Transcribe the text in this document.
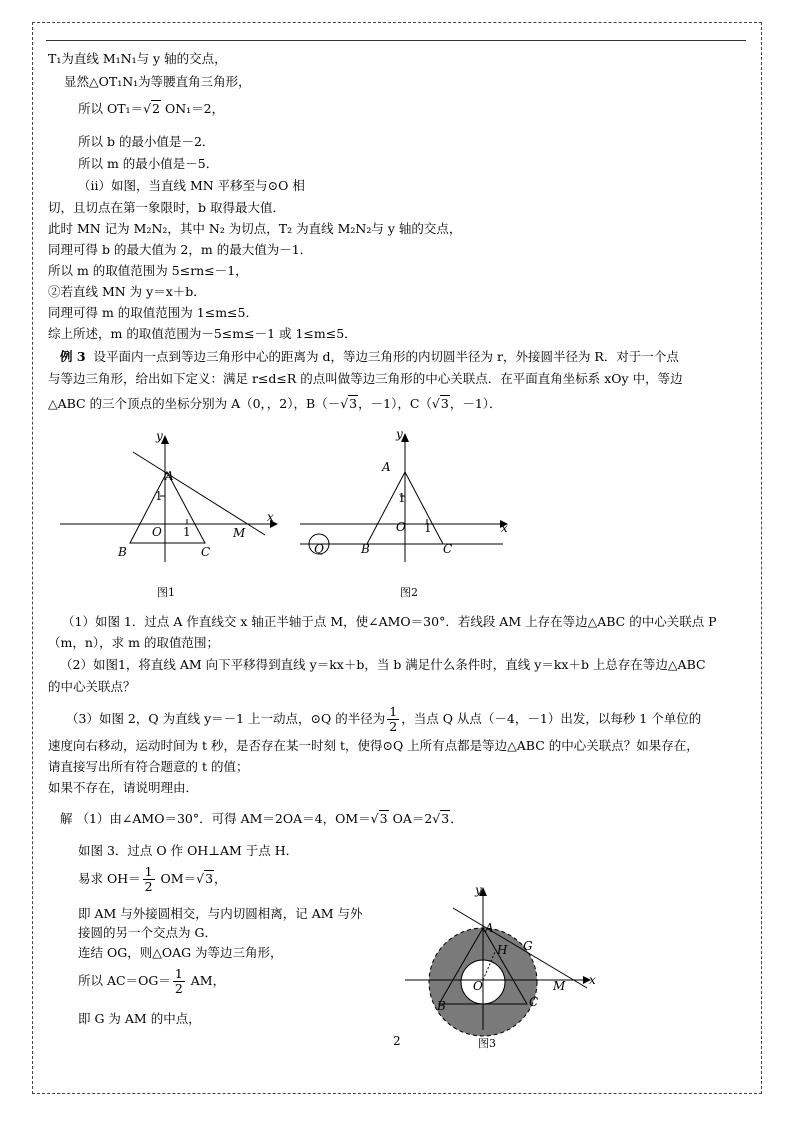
T₁为直线 M₁N₁与 y 轴的交点，
显然△OT₁N₁为等腰直角三角形，
所以 OT₁＝√2 ON₁＝2，
所以 b 的最小值是－2．
所以 m 的最小值是－5．
（ii）如图，当直线 MN 平移至与⊙O 相
切，且切点在第一象限时，b 取得最大值．
此时 MN 记为 M₂N₂，其中 N₂ 为切点，T₂ 为直线 M₂N₂与 y 轴的交点，
同理可得 b 的最大值为 2，m 的最大值为－1．
所以 m 的取值范围为 5≤rn≤－1，
②若直线 MN 为 y＝x＋b．
同理可得 m 的取值范围为 1≤m≤5．
综上所述，m 的取值范围为－5≤m≤－1 或 1≤m≤5．
例 3 设平面内一点到等边三角形中心的距离为 d，等边三角形的内切圆半径为 r，外接圆半径为 R．对于一个点
与等边三角形，给出如下定义：满足 r≤d≤R 的点叫做等边三角形的中心关联点．在平面直角坐标系 xOy 中，等边
△ABC 的三个顶点的坐标分别为 A（0，，2），B（－√3，－1），C（√3，－1）．
y
x
A
1
O 1	M
B	C
图1
y
x
A
1
O 1
Q	B	C
图2
（1）如图 1．过点 A 作直线交 x 轴正半轴于点 M，使∠AMO＝30°．若线段 AM 上存在等边△ABC 的中心关联点 P
（m，n），求 m 的取值范围；
（2）如图1，将直线 AM 向下平移得到直线 y＝kx＋b，当 b 满足什么条件时，直线 y＝kx＋b 上总存在等边△ABC
的中心关联点？
（3）如图 2，Q 为直线 y＝－1 上一动点，⊙Q 的半径为 $\frac{1}{2}$ ，当点 Q 从点（－4，－1）出发，以每秒 1 个单位的
速度向右移动，运动时间为 t 秒，是否存在某一时刻 t，使得⊙Q 上所有点都是等边△ABC 的中心关联点？如果存在，
请直接写出所有符合题意的 t 的值；
如果不存在，请说明理由．
解 （1）由∠AMO＝30°．可得 AM＝2OA＝4，OM＝√3 OA＝2√3．
如图 3．过点 O 作 OH⊥AM 于点 H．
易求 $OH= \frac{1}{2} OM=√3$，
即 AM 与外接圆相交，与内切圆相离，记 AM 与外
接圆的另一个交点为 G．
连结 OG，则△OAG 为等边三角形，
所以 $AC=OG= \frac{1}{2}$ AM，
即 G 为 AM 的中点，
y
x
A
G
H
O	M
B	C
图3
2
